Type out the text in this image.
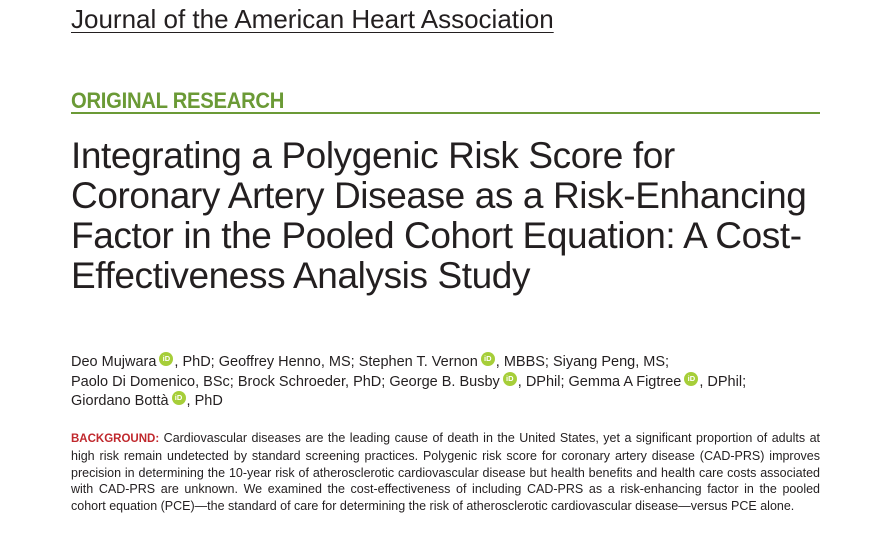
Journal of the American Heart Association
ORIGINAL RESEARCH
Integrating a Polygenic Risk Score for Coronary Artery Disease as a Risk-Enhancing Factor in the Pooled Cohort Equation: A Cost-Effectiveness Analysis Study
Deo Mujwara iD , PhD; Geoffrey Henno, MS; Stephen T. Vernon iD , MBBS; Siyang Peng, MS;
Paolo Di Domenico, BSc; Brock Schroeder, PhD; George B. Busby iD , DPhil; Gemma A Figtree iD , DPhil;
Giordano Bottà iD , PhD
BACKGROUND: Cardiovascular diseases are the leading cause of death in the United States, yet a significant proportion of adults at high risk remain undetected by standard screening practices. Polygenic risk score for coronary artery disease (CAD-PRS) improves precision in determining the 10-year risk of atherosclerotic cardiovascular disease but health benefits and health care costs associated with CAD-PRS are unknown. We examined the cost-effectiveness of including CAD-PRS as a risk-enhancing factor in the pooled cohort equation (PCE)—the standard of care for determining the risk of atherosclerotic cardiovascular disease—versus PCE alone.
